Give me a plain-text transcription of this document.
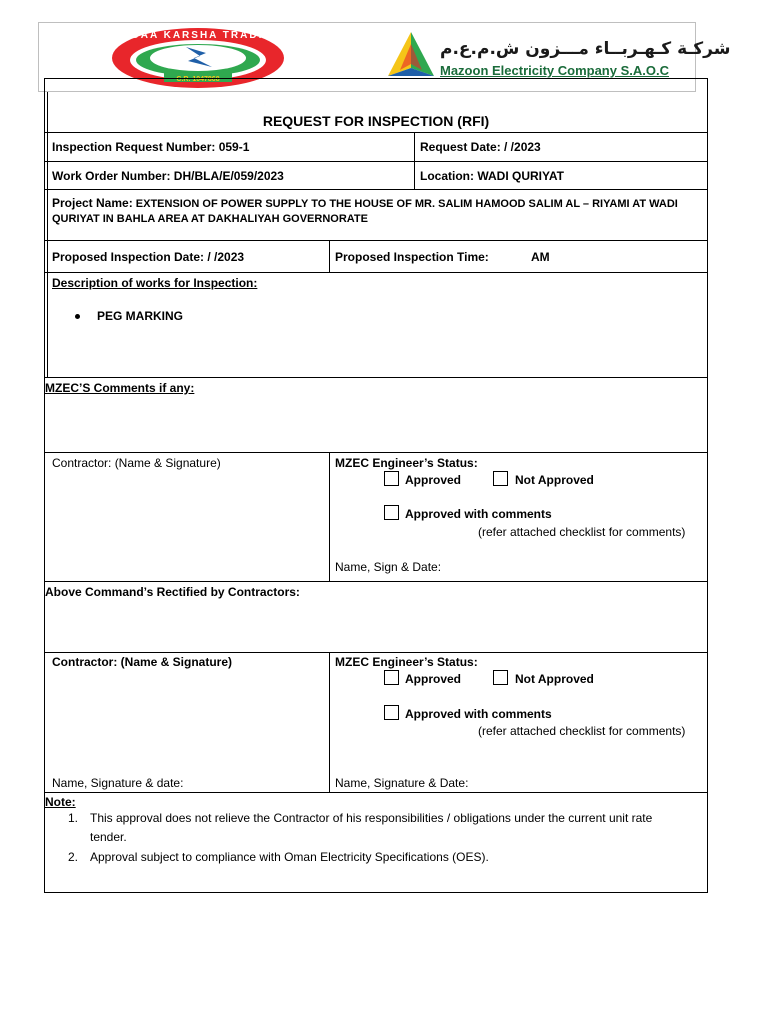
C.R. 1047868
SHUAA KARSHA TRADING
شركـة كـهـربــاء مـــزون ش.م.ع.م
Mazoon Electricity Company S.A.O.C
REQUEST FOR INSPECTION (RFI)
Inspection Request Number: 059-1	Request Date: / /2023
Work Order Number: DH/BLA/E/059/2023	Location: WADI QURIYAT
Project Name: EXTENSION OF POWER SUPPLY TO THE HOUSE OF MR. SALIM HAMOOD SALIM AL – RIYAMI AT WADI
QURIYAT IN BAHLA AREA AT DAKHALIYAH GOVERNORATE
Proposed Inspection Date: / /2023	Proposed Inspection Time:	AM
Description of works for Inspection:
PEG MARKING
MZEC’S Comments if any:
Contractor: (Name & Signature)	MZEC Engineer’s Status:
Approved	Not Approved
Approved with comments
(refer attached checklist for comments)
Name, Sign & Date:
Above Command’s Rectified by Contractors:
Contractor: (Name & Signature)	MZEC Engineer’s Status:
Approved	Not Approved
Approved with comments
(refer attached checklist for comments)
Name, Signature & date:	Name, Signature & Date:
Note:
1. This approval does not relieve the Contractor of his responsibilities / obligations under the current unit rate
tender.
2. Approval subject to compliance with Oman Electricity Specifications (OES).
